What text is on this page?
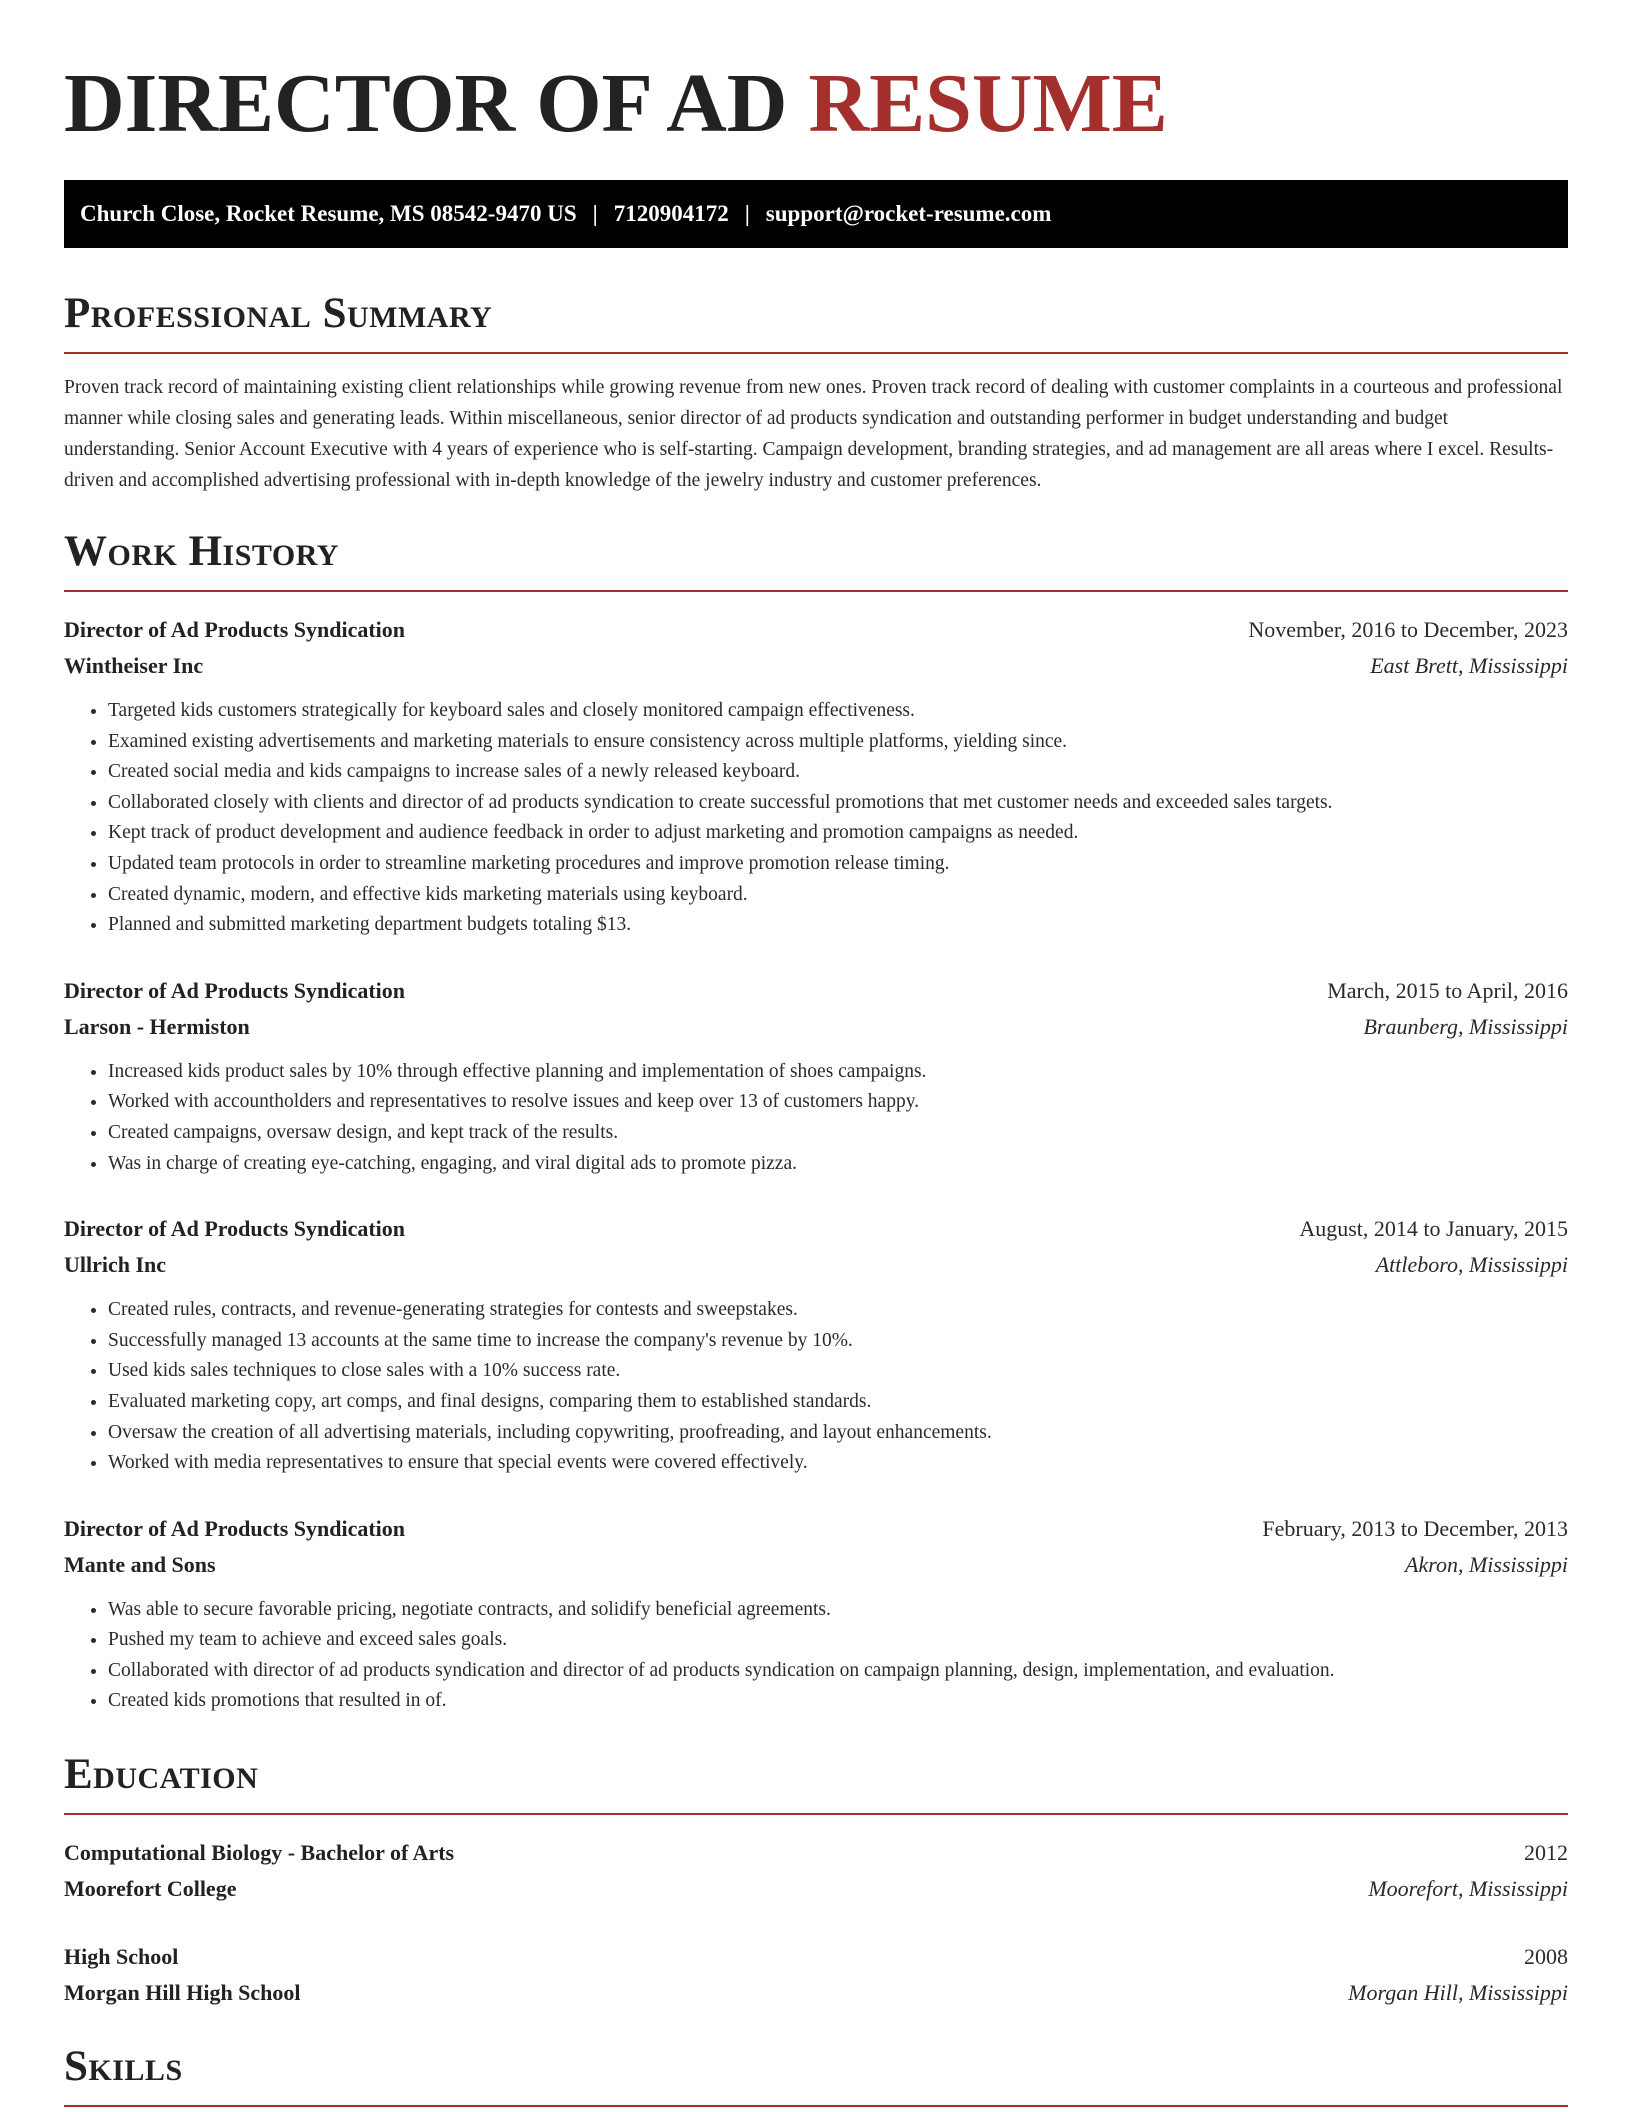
DIRECTOR OF AD RESUME
Church Close, Rocket Resume, MS 08542-9470 US | 7120904172 | support@rocket-resume.com
Professional Summary

Proven track record of maintaining existing client relationships while growing revenue from new ones. Proven track record of dealing with customer complaints in a courteous and professional manner while closing sales and generating leads. Within miscellaneous, senior director of ad products syndication and outstanding performer in budget understanding and budget understanding. Senior Account Executive with 4 years of experience who is self-starting. Campaign development, branding strategies, and ad management are all areas where I excel. Results-driven and accomplished advertising professional with in-depth knowledge of the jewelry industry and customer preferences.

Work History
Director of Ad Products Syndication	November, 2016 to December, 2023
Wintheiser Inc	East Brett, Mississippi
• Targeted kids customers strategically for keyboard sales and closely monitored campaign effectiveness.
• Examined existing advertisements and marketing materials to ensure consistency across multiple platforms, yielding since.
• Created social media and kids campaigns to increase sales of a newly released keyboard.
• Collaborated closely with clients and director of ad products syndication to create successful promotions that met customer needs and exceeded sales targets.
• Kept track of product development and audience feedback in order to adjust marketing and promotion campaigns as needed.
• Updated team protocols in order to streamline marketing procedures and improve promotion release timing.
• Created dynamic, modern, and effective kids marketing materials using keyboard.
• Planned and submitted marketing department budgets totaling $13.
Director of Ad Products Syndication	March, 2015 to April, 2016
Larson - Hermiston	Braunberg, Mississippi
• Increased kids product sales by 10% through effective planning and implementation of shoes campaigns.
• Worked with accountholders and representatives to resolve issues and keep over 13 of customers happy.
• Created campaigns, oversaw design, and kept track of the results.
• Was in charge of creating eye-catching, engaging, and viral digital ads to promote pizza.
Director of Ad Products Syndication	August, 2014 to January, 2015
Ullrich Inc	Attleboro, Mississippi
• Created rules, contracts, and revenue-generating strategies for contests and sweepstakes.
• Successfully managed 13 accounts at the same time to increase the company's revenue by 10%.
• Used kids sales techniques to close sales with a 10% success rate.
• Evaluated marketing copy, art comps, and final designs, comparing them to established standards.
• Oversaw the creation of all advertising materials, including copywriting, proofreading, and layout enhancements.
• Worked with media representatives to ensure that special events were covered effectively.
Director of Ad Products Syndication	February, 2013 to December, 2013
Mante and Sons	Akron, Mississippi
• Was able to secure favorable pricing, negotiate contracts, and solidify beneficial agreements.
• Pushed my team to achieve and exceed sales goals.
• Collaborated with director of ad products syndication and director of ad products syndication on campaign planning, design, implementation, and evaluation.
• Created kids promotions that resulted in of.
Education
Computational Biology - Bachelor of Arts	2012
Moorefort College	Moorefort, Mississippi
High School	2008
Morgan Hill High School	Morgan Hill, Mississippi
Skills
